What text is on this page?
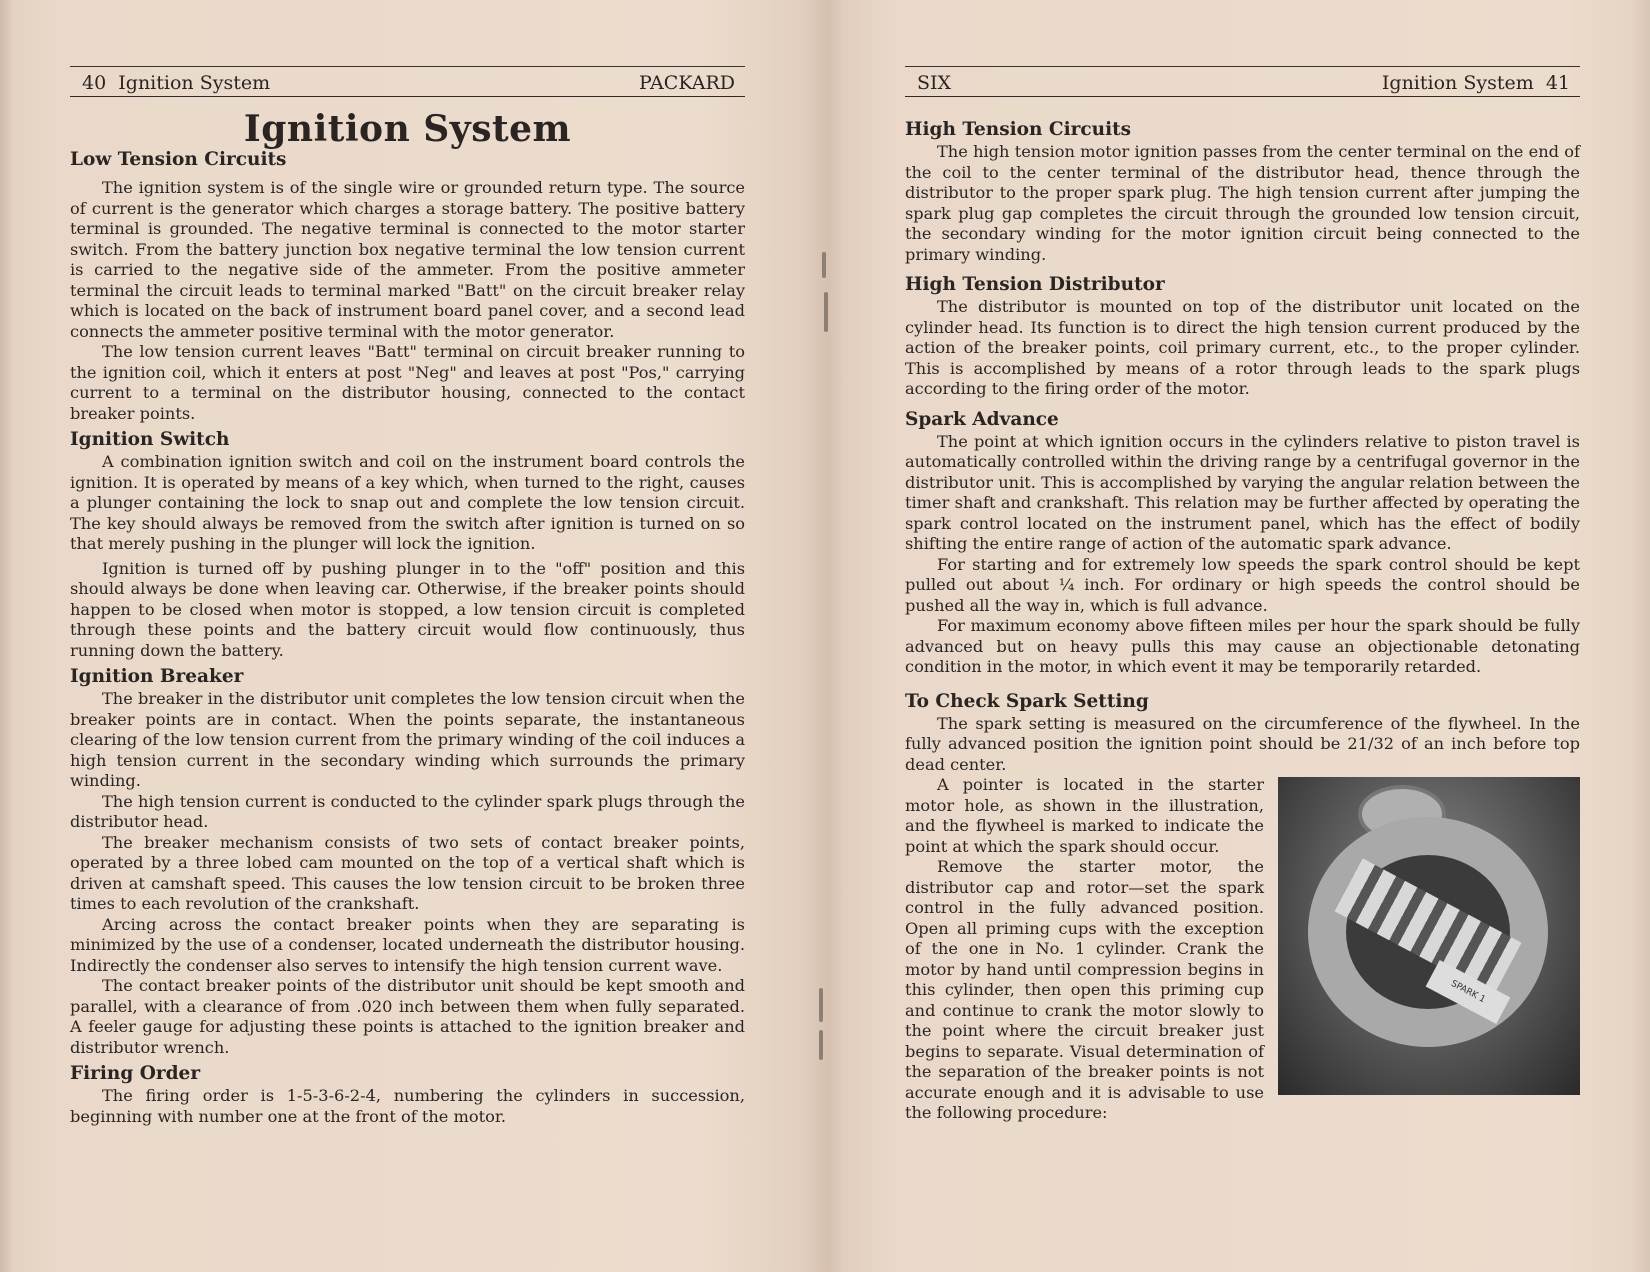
40 Ignition System	PACKARD
Ignition System
Low Tension Circuits

The ignition system is of the single wire or grounded return type. The source of current is the generator which charges a storage battery. The positive battery terminal is grounded. The negative terminal is connected to the motor starter switch. From the battery junction box negative terminal the low tension current is carried to the negative side of the ammeter. From the positive ammeter terminal the circuit leads to terminal marked "Batt" on the circuit breaker relay which is located on the back of instrument board panel cover, and a second lead connects the ammeter positive terminal with the motor generator.

The low tension current leaves "Batt" terminal on circuit breaker running to the ignition coil, which it enters at post "Neg" and leaves at post "Pos," carrying current to a terminal on the distributor housing, connected to the contact breaker points.

Ignition Switch

A combination ignition switch and coil on the instrument board controls the ignition. It is operated by means of a key which, when turned to the right, causes a plunger containing the lock to snap out and complete the low tension circuit. The key should always be removed from the switch after ignition is turned on so that merely pushing in the plunger will lock the ignition.

Ignition is turned off by pushing plunger in to the "off" position and this should always be done when leaving car. Otherwise, if the breaker points should happen to be closed when motor is stopped, a low tension circuit is completed through these points and the battery circuit would flow continuously, thus running down the battery.

Ignition Breaker

The breaker in the distributor unit completes the low tension circuit when the breaker points are in contact. When the points separate, the instantaneous clearing of the low tension current from the primary winding of the coil induces a high tension current in the secondary winding which surrounds the primary winding.

The high tension current is conducted to the cylinder spark plugs through the distributor head.

The breaker mechanism consists of two sets of contact breaker points, operated by a three lobed cam mounted on the top of a vertical shaft which is driven at camshaft speed. This causes the low tension circuit to be broken three times to each revolution of the crankshaft.

Arcing across the contact breaker points when they are separating is minimized by the use of a condenser, located underneath the distributor housing. Indirectly the condenser also serves to intensify the high tension current wave.

The contact breaker points of the distributor unit should be kept smooth and parallel, with a clearance of from .020 inch between them when fully separated. A feeler gauge for adjusting these points is attached to the ignition breaker and distributor wrench.

Firing Order

The firing order is 1-5-3-6-2-4, numbering the cylinders in succession, beginning with number one at the front of the motor.

SIX	Ignition System 41
High Tension Circuits

The high tension motor ignition passes from the center terminal on the end of the coil to the center terminal of the distributor head, thence through the distributor to the proper spark plug. The high tension current after jumping the spark plug gap completes the circuit through the grounded low tension circuit, the secondary winding for the motor ignition circuit being connected to the primary winding.

High Tension Distributor

The distributor is mounted on top of the distributor unit located on the cylinder head. Its function is to direct the high tension current produced by the action of the breaker points, coil primary current, etc., to the proper cylinder. This is accomplished by means of a rotor through leads to the spark plugs according to the firing order of the motor.

Spark Advance

The point at which ignition occurs in the cylinders relative to piston travel is automatically controlled within the driving range by a centrifugal governor in the distributor unit. This is accomplished by varying the angular relation between the timer shaft and crankshaft. This relation may be further affected by operating the spark control located on the instrument panel, which has the effect of bodily shifting the entire range of action of the automatic spark advance.

For starting and for extremely low speeds the spark control should be kept pulled out about ¼ inch. For ordinary or high speeds the control should be pushed all the way in, which is full advance.

For maximum economy above fifteen miles per hour the spark should be fully advanced but on heavy pulls this may cause an objectionable detonating condition in the motor, in which event it may be temporarily retarded.

To Check Spark Setting

The spark setting is measured on the circumference of the flywheel. In the fully advanced position the ignition point should be 21/32 of an inch before top dead center.

SPARK 1

A pointer is located in the starter motor hole, as shown in the illustration, and the flywheel is marked to indicate the point at which the spark should occur.

Remove the starter motor, the distributor cap and rotor—set the spark control in the fully advanced position. Open all priming cups with the exception of the one in No. 1 cylinder. Crank the motor by hand until compression begins in this cylinder, then open this priming cup and continue to crank the motor slowly to the point where the circuit breaker just begins to separate. Visual determination of the separation of the breaker points is not accurate enough and it is advisable to use the following procedure:
